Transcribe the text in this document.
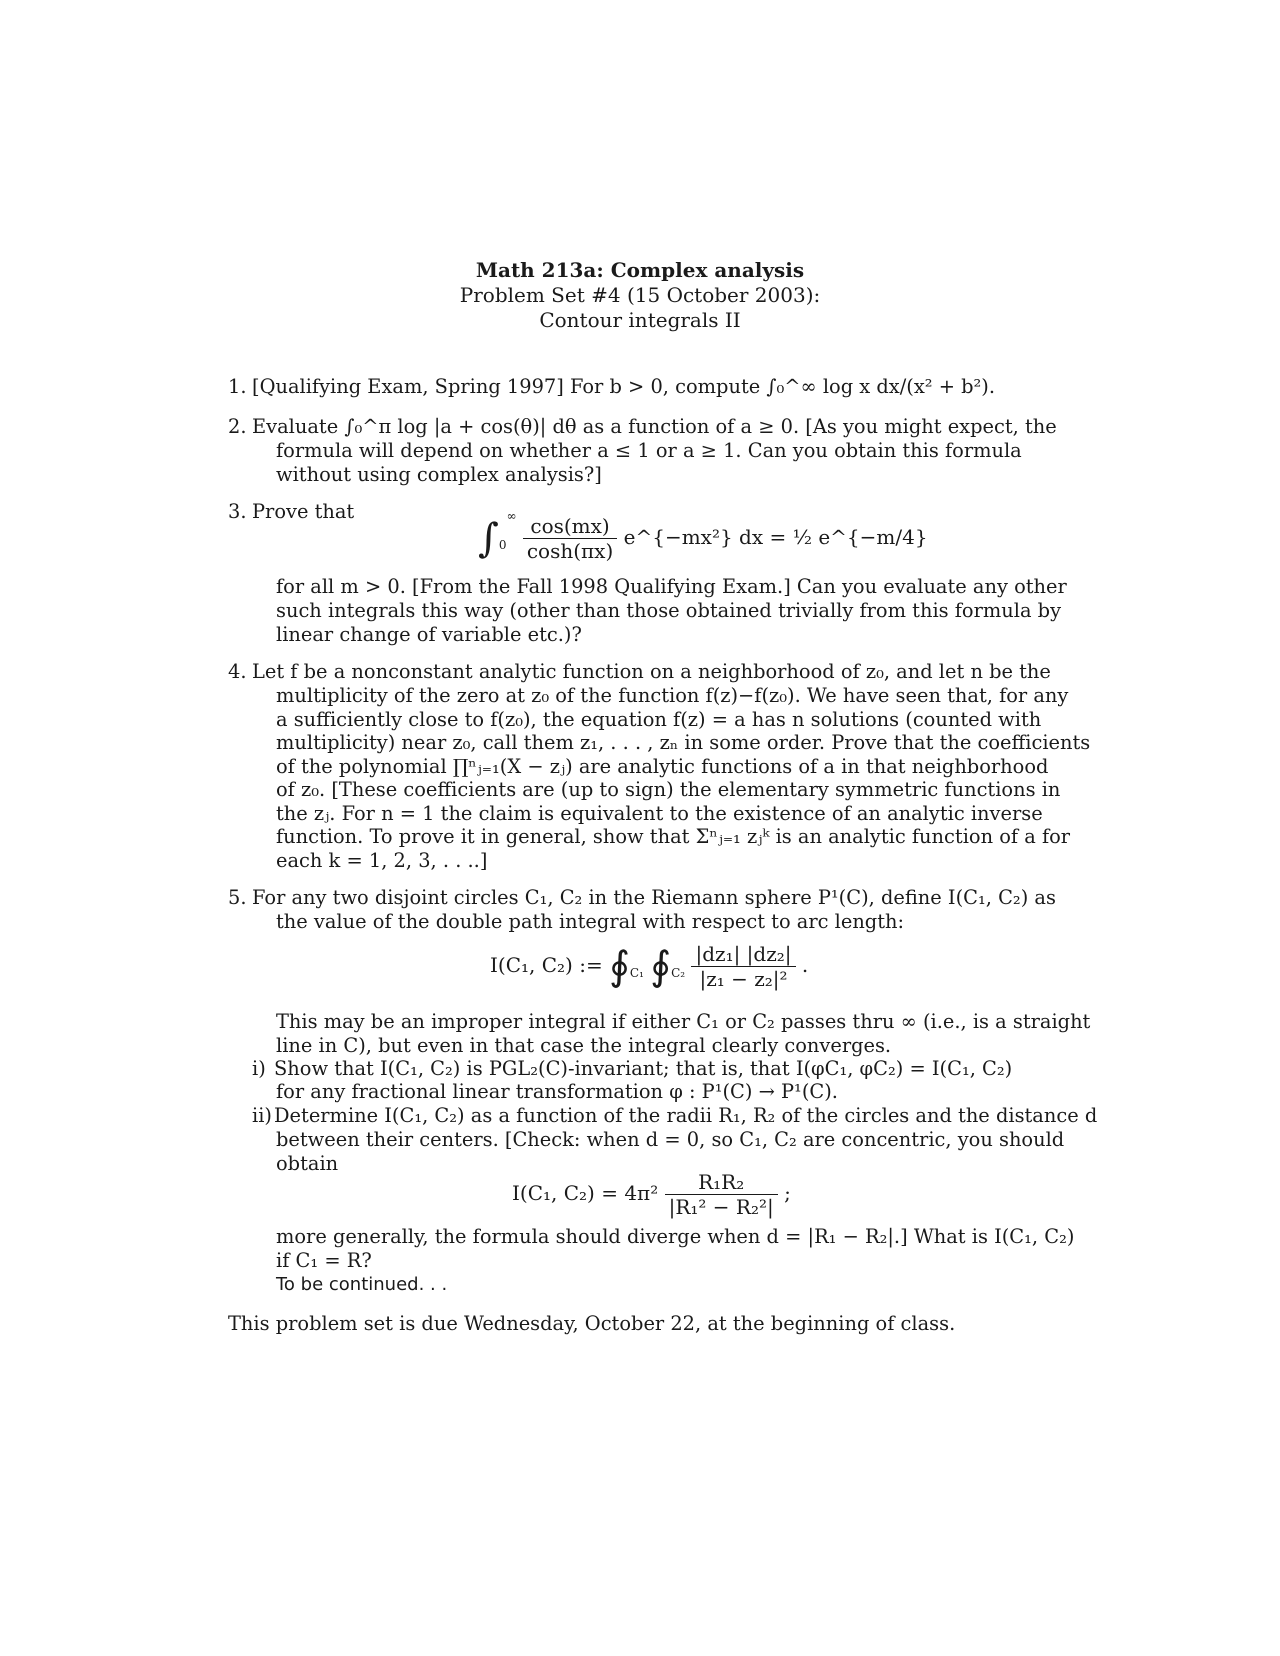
Math 213a: Complex analysis
Problem Set #4 (15 October 2003):
Contour integrals II
1. [Qualifying Exam, Spring 1997] For b > 0, compute ∫₀^∞ log x dx/(x² + b²).
2. Evaluate ∫₀^π log |a + cos(θ)| dθ as a function of a ≥ 0. [As you might expect, the
formula will depend on whether a ≤ 1 or a ≥ 1. Can you obtain this formula
without using complex analysis?]
3. Prove that
$\int_0^\infty \frac{\cos(mx)}{\cosh(\pi x)}$ e^{−mx²} dx = ½ e^{−m/4}
for all m > 0. [From the Fall 1998 Qualifying Exam.] Can you evaluate any other
such integrals this way (other than those obtained trivially from this formula by
linear change of variable etc.)?
4. Let f be a nonconstant analytic function on a neighborhood of z₀, and let n be the
multiplicity of the zero at z₀ of the function f(z)−f(z₀). We have seen that, for any
a sufficiently close to f(z₀), the equation f(z) = a has n solutions (counted with
multiplicity) near z₀, call them z₁, . . . , zₙ in some order. Prove that the coefficients
of the polynomial ∏ⁿⱼ₌₁(X − zⱼ) are analytic functions of a in that neighborhood
of z₀. [These coefficients are (up to sign) the elementary symmetric functions in
the zⱼ. For n = 1 the claim is equivalent to the existence of an analytic inverse
function. To prove it in general, show that Σⁿⱼ₌₁ zⱼᵏ is an analytic function of a for
each k = 1, 2, 3, . . ..]
5. For any two disjoint circles C₁, C₂ in the Riemann sphere P¹(C), define I(C₁, C₂) as
the value of the double path integral with respect to arc length:
I(C₁, C₂) := $∮_{C_1}$ $∮_{C_2} \frac{\text{|dz₁| |dz₂|}}{\text{|z₁ − z₂|²}}$ .
This may be an improper integral if either C₁ or C₂ passes thru ∞ (i.e., is a straight
line in C), but even in that case the integral clearly converges.
i) Show that I(C₁, C₂) is PGL₂(C)-invariant; that is, that I(φC₁, φC₂) = I(C₁, C₂)
for any fractional linear transformation φ : P¹(C) → P¹(C).
ii) Determine I(C₁, C₂) as a function of the radii R₁, R₂ of the circles and the distance d
between their centers. [Check: when d = 0, so C₁, C₂ are concentric, you should
obtain
I(C₁, $C_2) = 4\pi^2 \frac{\text{R₁R₂}}{\text{|R₁² − R₂²|}}$ ;
more generally, the formula should diverge when d = |R₁ − R₂|.] What is I(C₁, C₂)
if C₁ = R?
To be continued. . .
This problem set is due Wednesday, October 22, at the beginning of class.
